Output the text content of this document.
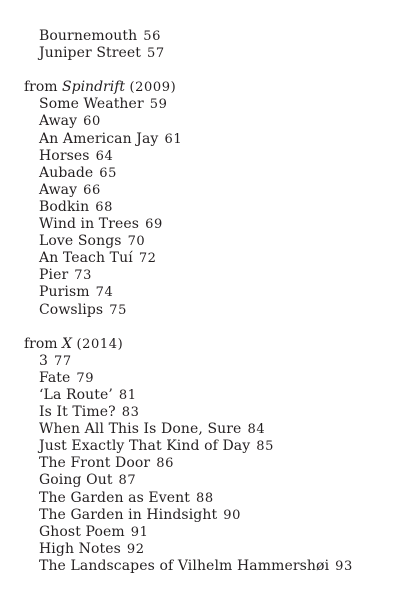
Bournemouth 56
Juniper Street 57
from Spindrift (2009)
Some Weather 59
Away 60
An American Jay 61
Horses 64
Aubade 65
Away 66
Bodkin 68
Wind in Trees 69
Love Songs 70
An Teach Tuí 72
Pier 73
Purism 74
Cowslips 75
from X (2014)
3 77
Fate 79
‘La Route’ 81
Is It Time? 83
When All This Is Done, Sure 84
Just Exactly That Kind of Day 85
The Front Door 86
Going Out 87
The Garden as Event 88
The Garden in Hindsight 90
Ghost Poem 91
High Notes 92
The Landscapes of Vilhelm Hammershøi 93
